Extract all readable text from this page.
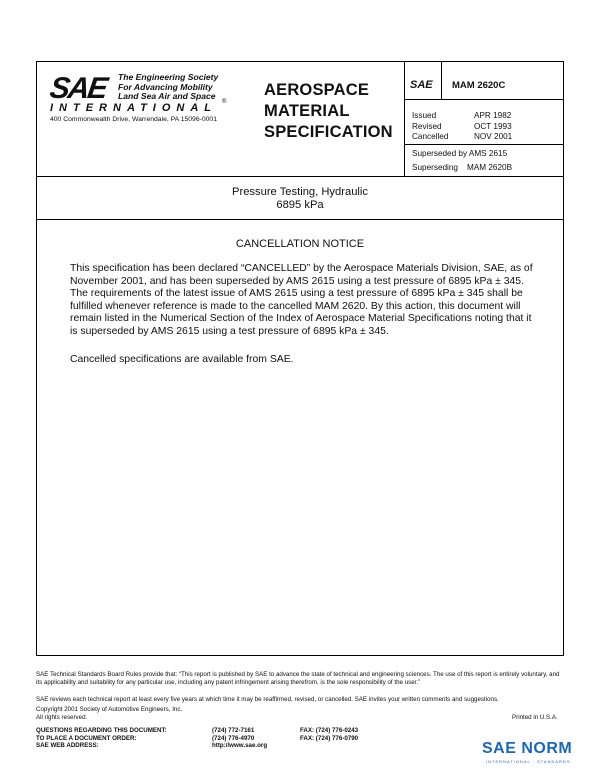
SAE The Engineering Society
For Advancing Mobility
Land Sea Air and Space
INTERNATIONAL ®
400 Commonwealth Drive, Warrendale, PA 15096-0001
AEROSPACE
MATERIAL
SPECIFICATION
SAE MAM 2620C
Issued	APR 1982
Revised	OCT 1993
Cancelled	NOV 2001
Superseded by AMS 2615
Superseding MAM 2620B
Pressure Testing, Hydraulic
6895 kPa
CANCELLATION NOTICE
This specification has been declared “CANCELLED” by the Aerospace Materials Division, SAE, as of November 2001, and has been superseded by AMS 2615 using a test pressure of 6895 kPa ± 345. The requirements of the latest issue of AMS 2615 using a test pressure of 6895 kPa ± 345 shall be fulfilled whenever reference is made to the cancelled MAM 2620. By this action, this document will remain listed in the Numerical Section of the Index of Aerospace Material Specifications noting that it is superseded by AMS 2615 using a test pressure of 6895 kPa ± 345.
Cancelled specifications are available from SAE.
SAE Technical Standards Board Rules provide that: “This report is published by SAE to advance the state of technical and engineering sciences. The use of this report is entirely voluntary, and its applicability and suitability for any particular use, including any patent infringement arising therefrom, is the sole responsibility of the user.”
SAE reviews each technical report at least every five years at which time it may be reaffirmed, revised, or cancelled. SAE invites your written comments and suggestions.
Copyright 2001 Society of Automotive Engineers, Inc.
All rights reserved.	Printed in U.S.A.
QUESTIONS REGARDING THIS DOCUMENT:	(724) 772-7161	FAX: (724) 776-0243
TO PLACE A DOCUMENT ORDER:	(724) 776-4970	FAX: (724) 776-0790
SAE WEB ADDRESS:	http://www.sae.org	SAE NORM
INTERNATIONAL · STANDARDS
